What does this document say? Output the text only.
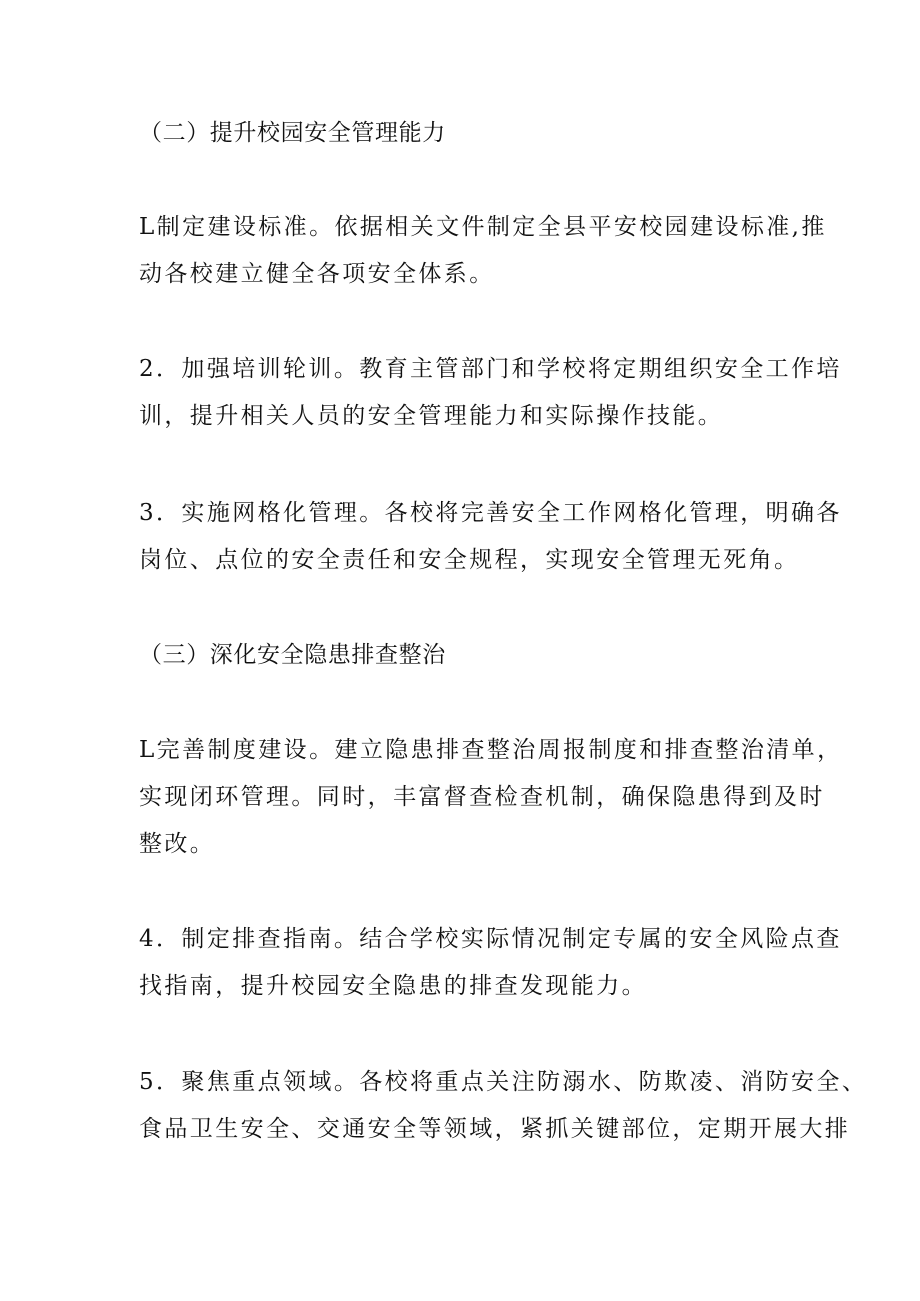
（二）提升校园安全管理能力
L制定建设标准。依据相关文件制定全县平安校园建设标准,推
动各校建立健全各项安全体系。
2．加强培训轮训。教育主管部门和学校将定期组织安全工作培
训，提升相关人员的安全管理能力和实际操作技能。
3．实施网格化管理。各校将完善安全工作网格化管理，明确各
岗位、点位的安全责任和安全规程，实现安全管理无死角。
（三）深化安全隐患排查整治
L完善制度建设。建立隐患排查整治周报制度和排查整治清单，
实现闭环管理。同时，丰富督查检查机制，确保隐患得到及时
整改。
4．制定排查指南。结合学校实际情况制定专属的安全风险点查
找指南，提升校园安全隐患的排查发现能力。
5．聚焦重点领域。各校将重点关注防溺水、防欺凌、消防安全、
食品卫生安全、交通安全等领域，紧抓关键部位，定期开展大排
